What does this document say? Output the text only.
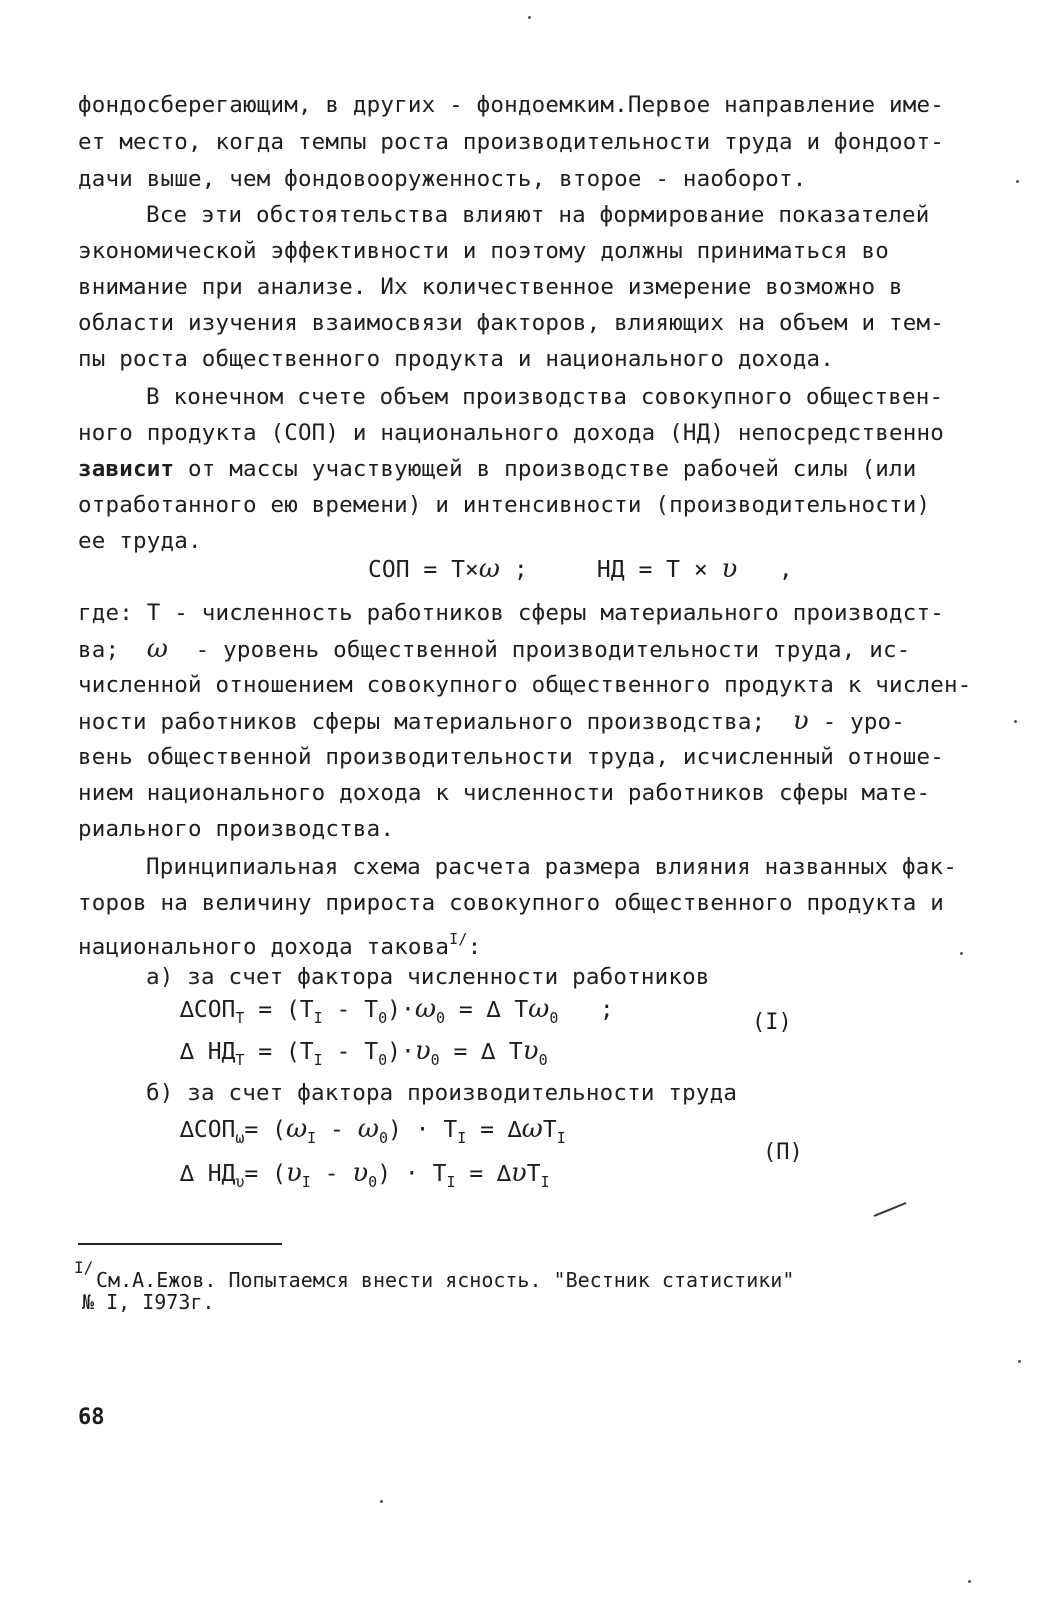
фондосберегающим, в других - фондоемким.Первое направление име-
ет место, когда темпы роста производительности труда и фондоот-
дачи выше, чем фондовооруженность, второе - наоборот.
Все эти обстоятельства влияют на формирование показателей
экономической эффективности и поэтому должны приниматься во
внимание при анализе. Их количественное измерение возможно в
области изучения взаимосвязи факторов, влияющих на объем и тем-
пы роста общественного продукта и национального дохода.
В конечном счете объем производства совокупного обществен-
ного продукта (СОП) и национального дохода (НД) непосредственно
зависит от массы участвующей в производстве рабочей силы (или
отработанного ею времени) и интенсивности (производительности)
ее труда.
СОП = Т×ω ;     НД = Т × υ   ,
где: Т - численность работников сферы материального производст-
ва;  ω  - уровень общественной производительности труда, ис-
численной отношением совокупного общественного продукта к числен-
ности работников сферы материального производства;  υ - уро-
вень общественной производительности труда, исчисленный отноше-
нием национального дохода к численности работников сферы мате-
риального производства.
Принципиальная схема расчета размера влияния названных фак-
торов на величину прироста совокупного общественного продукта и
национального дохода такова$^{I/}$:
а) за счет фактора численности работников
$\Delta СОП_Т = (Т_I - Т_0)\cdot\omega_0$ = ∆ $Т\omega_0$   ;
∆ $НД_Т = (Т_I - Т_0)\cdot\upsilon_0$ = ∆ $Т\upsilon_0$
(I)
б) за счет фактора производительности труда
$\Delta СОП_\omega= (\omega_I - \omega_0) \cdot Т_I = \Delta\omega Т_I$
∆ $НД_\upsilon= (\upsilon_I - \upsilon_0) \cdot Т_I = \Delta\upsilon Т_I$
(П)
I/
См.А.Ежов. Попытаемся внести ясность. "Вестник статистики"
№ I, I973г.
68
